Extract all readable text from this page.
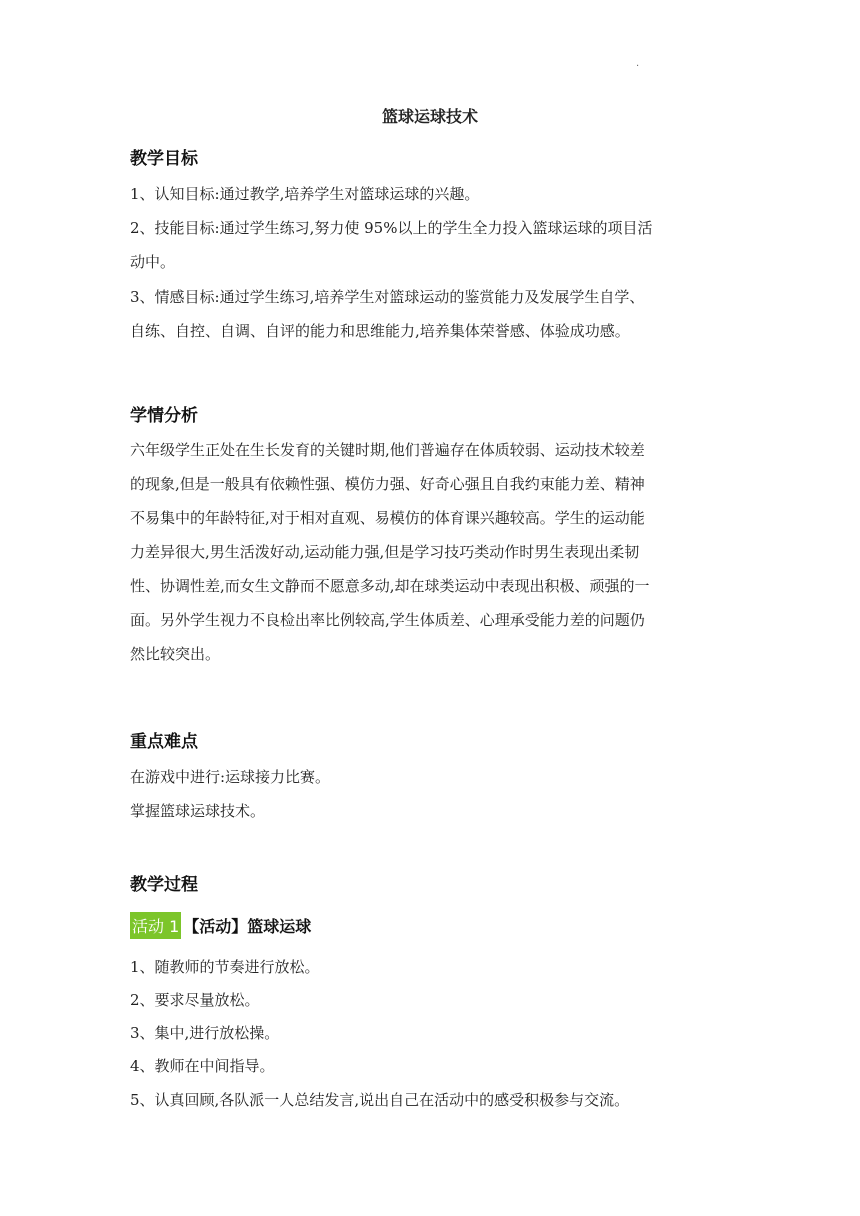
.
篮球运球技术
教学目标
1、认知目标:通过教学,培养学生对篮球运球的兴趣。
2、技能目标:通过学生练习,努力使 95%以上的学生全力投入篮球运球的项目活
动中。
3、情感目标:通过学生练习,培养学生对篮球运动的鉴赏能力及发展学生自学、
自练、自控、自调、自评的能力和思维能力,培养集体荣誉感、体验成功感。
学情分析
六年级学生正处在生长发育的关键时期,他们普遍存在体质较弱、运动技术较差
的现象,但是一般具有依赖性强、模仿力强、好奇心强且自我约束能力差、精神
不易集中的年龄特征,对于相对直观、易模仿的体育课兴趣较高。学生的运动能
力差异很大,男生活泼好动,运动能力强,但是学习技巧类动作时男生表现出柔韧
性、协调性差,而女生文静而不愿意多动,却在球类运动中表现出积极、顽强的一
面。另外学生视力不良检出率比例较高,学生体质差、心理承受能力差的问题仍
然比较突出。
重点难点
在游戏中进行:运球接力比赛。
掌握篮球运球技术。
教学过程
活动 1 【活动】篮球运球
1、随教师的节奏进行放松。
2、要求尽量放松。
3、集中,进行放松操。
4、教师在中间指导。
5、认真回顾,各队派一人总结发言,说出自己在活动中的感受积极参与交流。
